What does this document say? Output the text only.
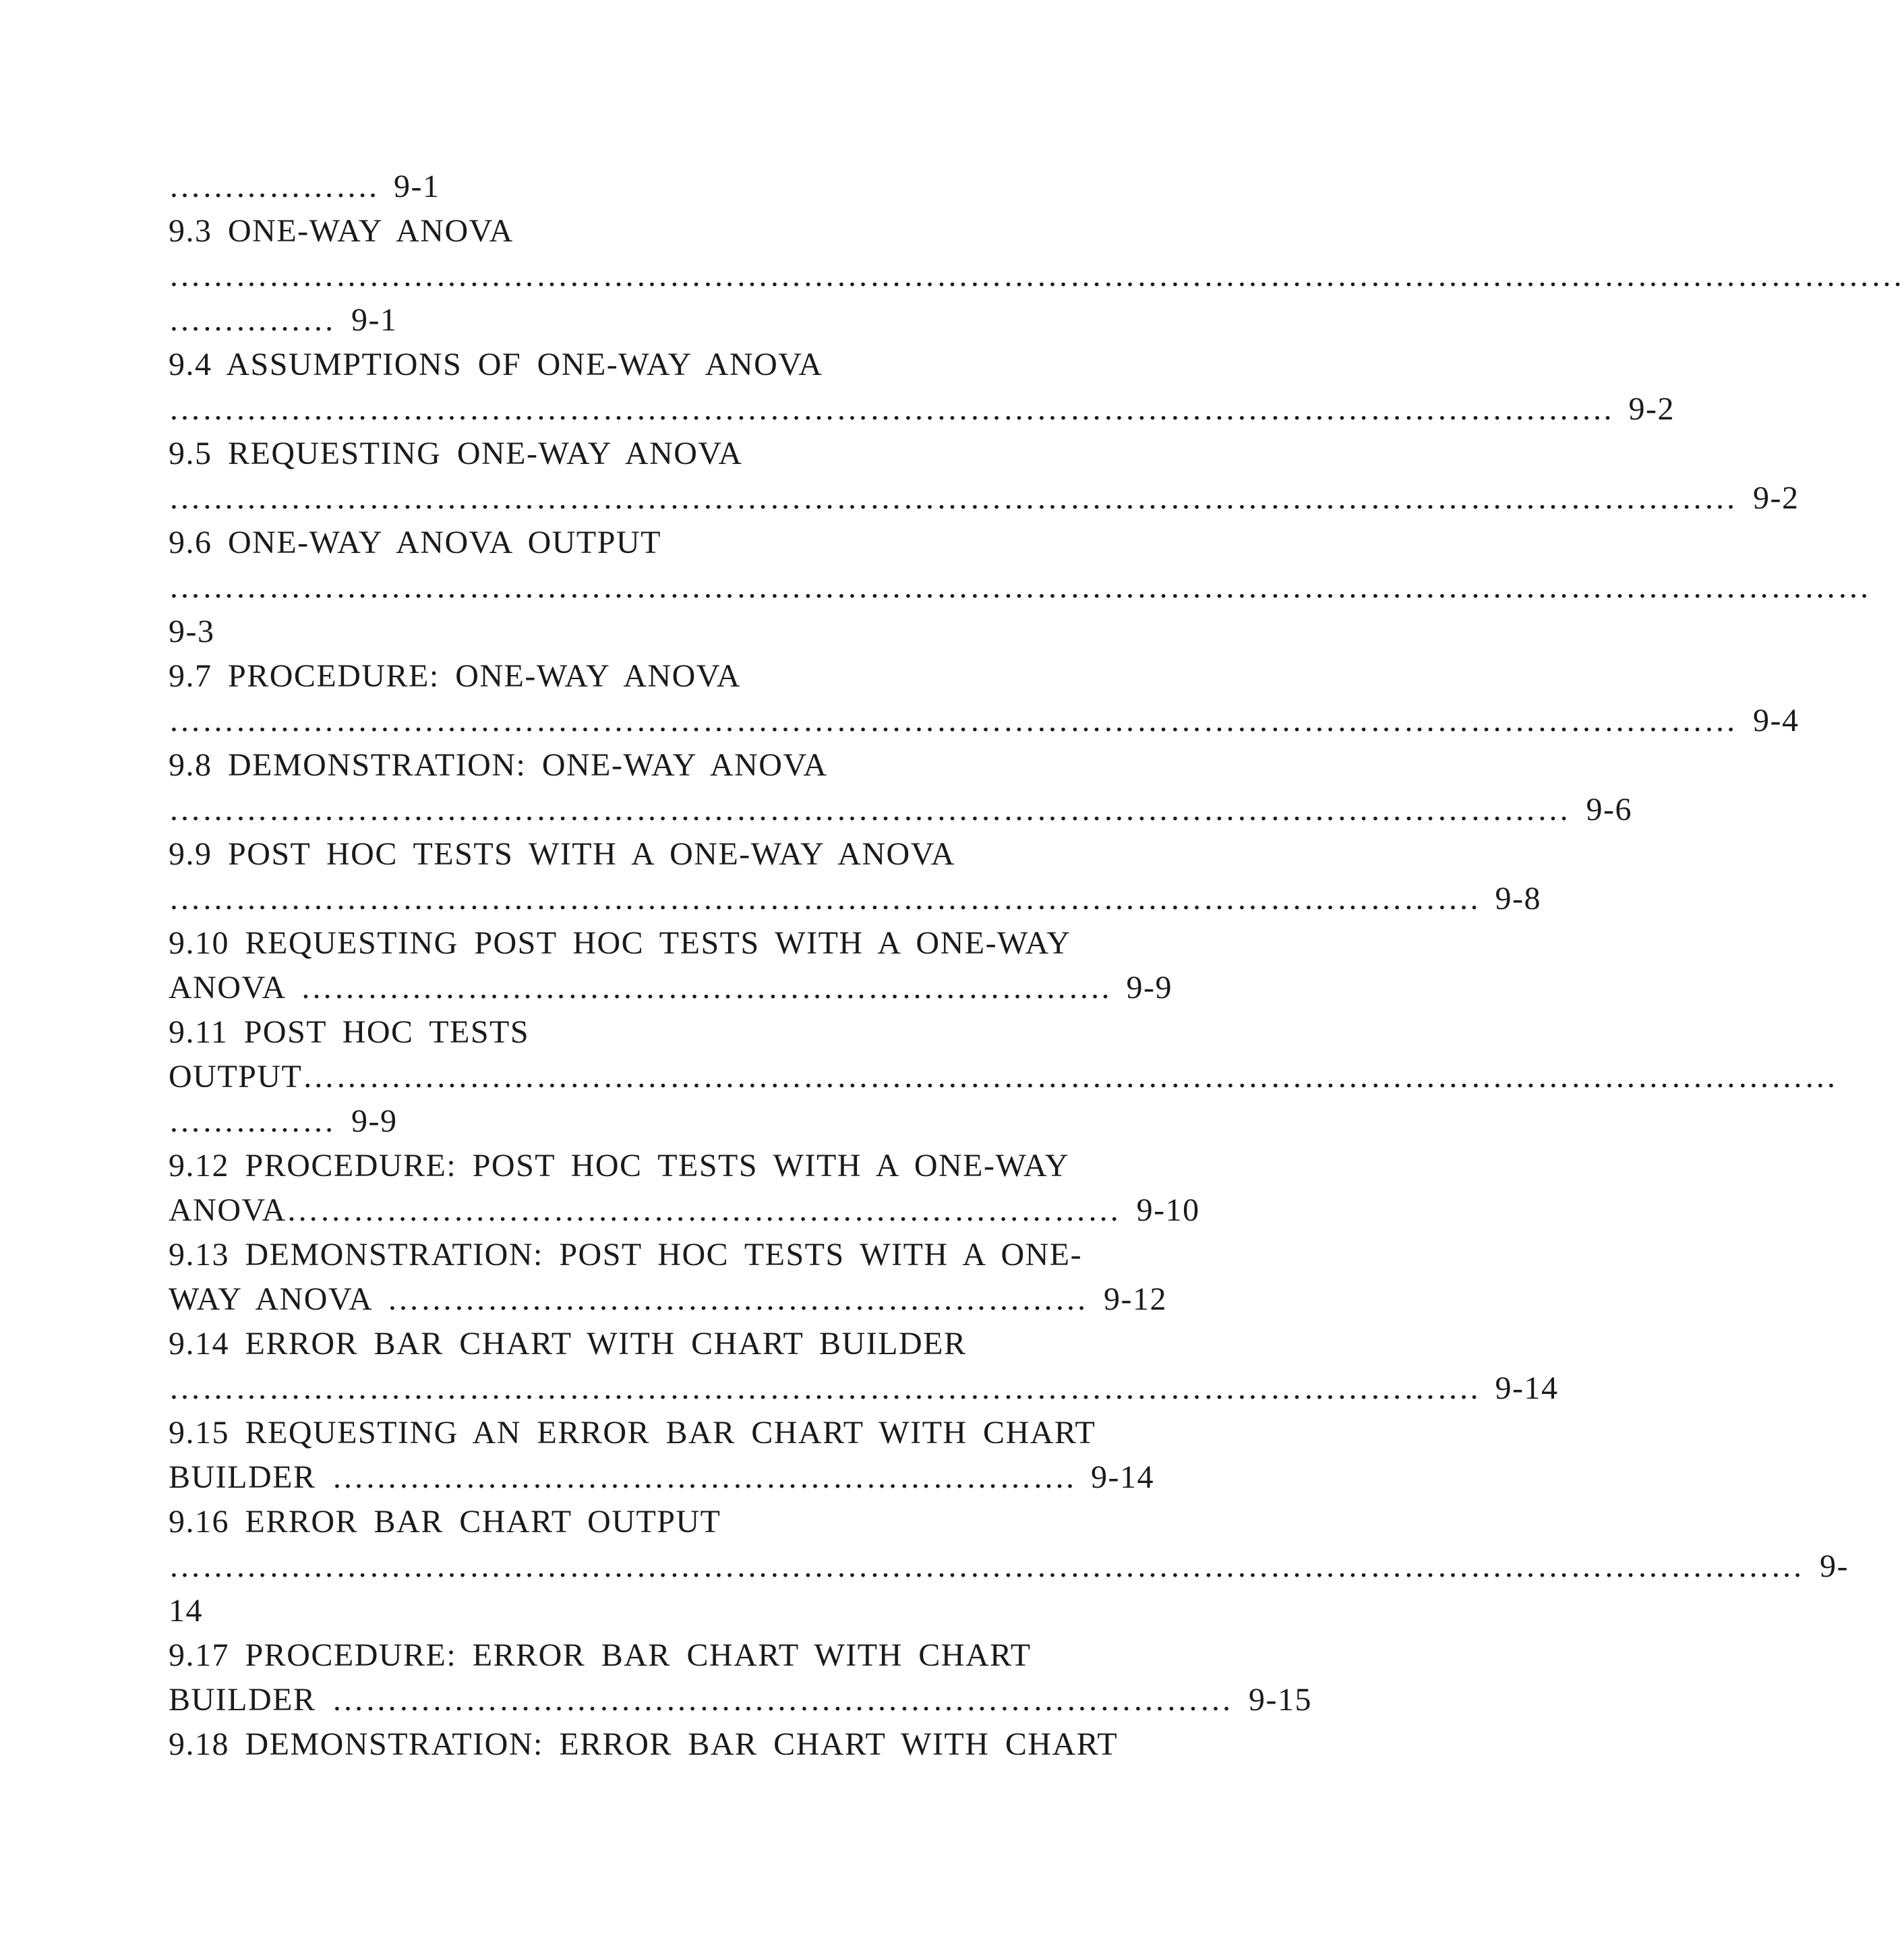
………………. 9-1
9.3 ONE-WAY ANOVA
…………………………………………………………………………………………………………………………………………
…………… 9-1
9.4 ASSUMPTIONS OF ONE-WAY ANOVA
…………………………………………………………………………………………………………………. 9-2
9.5 REQUESTING ONE-WAY ANOVA
…………………………………………………………………………………………………………………………… 9-2
9.6 ONE-WAY ANOVA OUTPUT
………………………………………………………………………………………………………………………………………
9-3
9.7 PROCEDURE: ONE-WAY ANOVA
…………………………………………………………………………………………………………………………… 9-4
9.8 DEMONSTRATION: ONE-WAY ANOVA
……………………………………………………………………………………………………………… 9-6
9.9 POST HOC TESTS WITH A ONE-WAY ANOVA
………………………………………………………………………………………………………. 9-8
9.10 REQUESTING POST HOC TESTS WITH A ONE-WAY
ANOVA ………………………………………………………………. 9-9
9.11 POST HOC TESTS
OUTPUT…………………………………………………………………………………………………………………………
…………… 9-9
9.12 PROCEDURE: POST HOC TESTS WITH A ONE-WAY
ANOVA………………………………………………………………… 9-10
9.13 DEMONSTRATION: POST HOC TESTS WITH A ONE-
WAY ANOVA ……………………………………………………… 9-12
9.14 ERROR BAR CHART WITH CHART BUILDER
………………………………………………………………………………………………………. 9-14
9.15 REQUESTING AN ERROR BAR CHART WITH CHART
BUILDER …………………………………………………………. 9-14
9.16 ERROR BAR CHART OUTPUT
………………………………………………………………………………………………………………………………… 9-
14
9.17 PROCEDURE: ERROR BAR CHART WITH CHART
BUILDER ……………………………………………………………………… 9-15
9.18 DEMONSTRATION: ERROR BAR CHART WITH CHART
